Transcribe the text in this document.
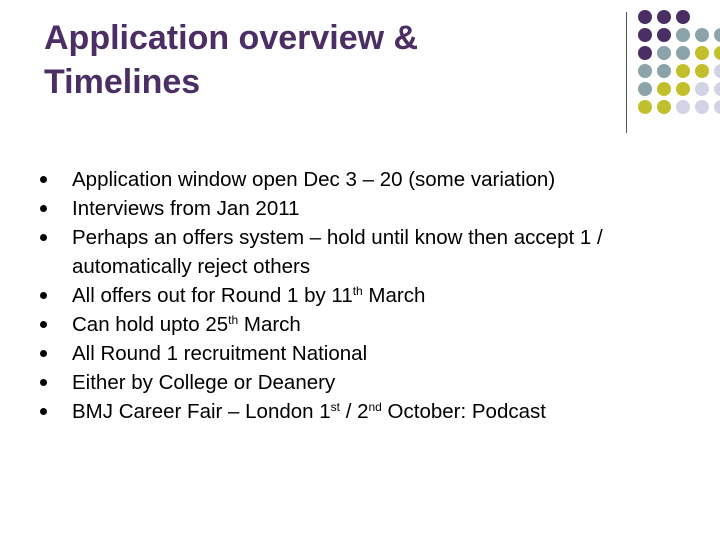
Application overview &
Timelines
Application window open Dec 3 – 20 (some variation)
Interviews from Jan 2011
Perhaps an offers system – hold until know then accept 1 / automatically reject others
All offers out for Round 1 by 11th March
Can hold upto 25th March
All Round 1 recruitment National
Either by College or Deanery
BMJ Career Fair – London 1st / 2nd October: Podcast
